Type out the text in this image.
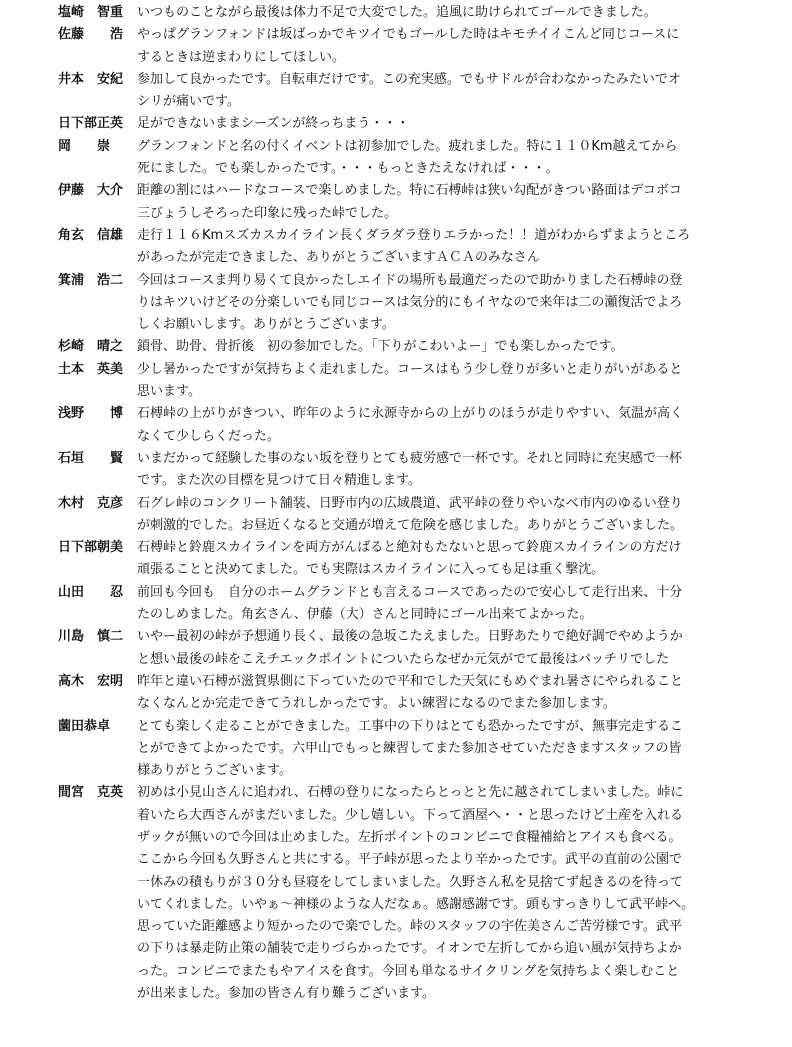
塩崎　智重	いつものことながら最後は体力不足で大変でした。追風に助けられてゴールできました。
佐藤　　浩	やっぱグランフォンドは坂ばっかでキツイでもゴールした時はキモチイイこんど同じコースに
するときは逆まわりにしてほしい。
井本　安紀	参加して良かったです。自転車だけです。この充実感。でもサドルが合わなかったみたいでオ
シリが痛いです。
日下部正英	足ができないままシーズンが終っちまう・・・
岡　　崇	グランフォンドと名の付くイベントは初参加でした。疲れました。特に１１０Km越えてから
死にました。でも楽しかったです。・・・もっときたえなければ・・・。
伊藤　大介	距離の割にはハードなコースで楽しめました。特に石榑峠は狭い勾配がきつい路面はデコボコ
三びょうしそろった印象に残った峠でした。
角玄　信雄	走行１１６Kmスズカスカイライン長くダラダラ登りエラかった！！道がわからずまようところ
があったが完走できました、ありがとうございますＡＣＡのみなさん
箕浦　浩二	今回はコースま判り易くて良かったしエイドの場所も最適だったので助かりました石榑峠の登
りはキツいけどその分楽しいでも同じコースは気分的にもイヤなので来年は二の瀬復活でよろ
しくお願いします。ありがとうございます。
杉崎　晴之	鎖骨、助骨、骨折後　初の参加でした。「下りがこわいよー」でも楽しかったです。
土本　英美	少し暑かったですが気持ちよく走れました。コースはもう少し登りが多いと走りがいがあると
思います。
浅野　　博	石榑峠の上がりがきつい、昨年のように永源寺からの上がりのほうが走りやすい、気温が高く
なくて少しらくだった。
石垣　　賢	いまだかって経験した事のない坂を登りとても疲労感で一杯です。それと同時に充実感で一杯
です。また次の目標を見つけて日々精進します。
木村　克彦	石グレ峠のコンクリート舗装、日野市内の広域農道、武平峠の登りやいなべ市内のゆるい登り
が刺激的でした。お昼近くなると交通が増えて危険を感じました。ありがとうございました。
日下部朝美	石榑峠と鈴鹿スカイラインを両方がんばると絶対もたないと思って鈴鹿スカイラインの方だけ
頑張ることと決めてました。でも実際はスカイラインに入っても足は重く撃沈。
山田　　忍	前回も今回も　自分のホームグランドとも言えるコースであったので安心して走行出来、十分
たのしめました。角玄さん、伊藤（大）さんと同時にゴール出来てよかった。
川島　慎二	いやー最初の峠が予想通り長く、最後の急坂こたえました。日野あたりで絶好調でやめようか
と想い最後の峠をこえチエックポイントについたらなぜか元気がでて最後はバッチリでした
高木　宏明	昨年と違い石榑が滋賀県側に下っていたので平和でした天気にもめぐまれ暑さにやられること
なくなんとか完走できてうれしかったです。よい練習になるのでまた参加します。
薗田恭卓	とても楽しく走ることができました。工事中の下りはとても恐かったですが、無事完走するこ
とができてよかったです。六甲山でもっと練習してまた参加させていただきますスタッフの皆
様ありがとうございます。
間宮　克英	初めは小見山さんに追われ、石榑の登りになったらとっとと先に越されてしまいました。峠に
着いたら大西さんがまだいました。少し嬉しい。下って酒屋へ・・と思ったけど土産を入れる
ザックが無いので今回は止めました。左折ポイントのコンビニで食糧補給とアイスも食べる。
ここから今回も久野さんと共にする。平子峠が思ったより辛かったです。武平の直前の公園で
一休みの積もりが３０分も昼寝をしてしまいました。久野さん私を見捨てず起きるのを待って
いてくれました。いやぁ～神様のような人だなぁ。感謝感謝です。頭もすっきりして武平峠へ。
思っていた距離感より短かったので楽でした。峠のスタッフの宇佐美さんご苦労様です。武平
の下りは暴走防止策の舗装で走りづらかったです。イオンで左折してから追い風が気持ちよか
った。コンビニでまたもやアイスを食す。今回も単なるサイクリングを気持ちよく楽しむこと
が出来ました。参加の皆さん有り難うございます。
